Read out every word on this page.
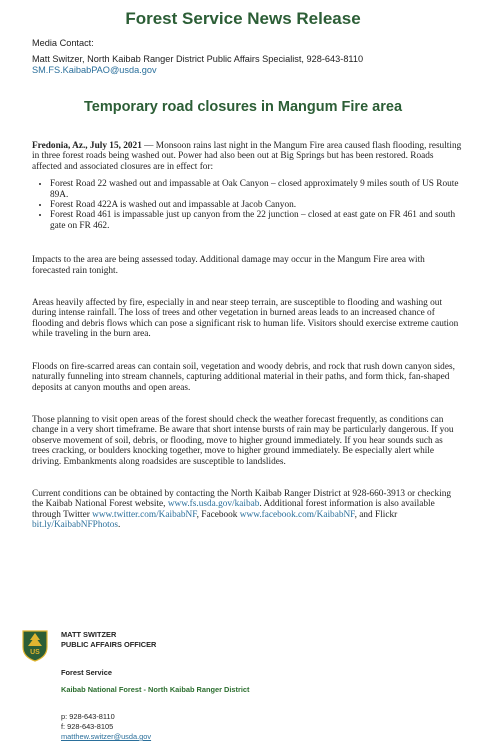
Forest Service News Release
Media Contact:
Matt Switzer, North Kaibab Ranger District Public Affairs Specialist, 928-643-8110
SM.FS.KaibabPAO@usda.gov
Temporary road closures in Mangum Fire area

Fredonia, Az., July 15, 2021 — Monsoon rains last night in the Mangum Fire area caused flash flooding, resulting in three forest roads being washed out. Power had also been out at Big Springs but has been restored. Roads affected and associated closures are in effect for:

• Forest Road 22 washed out and impassable at Oak Canyon – closed approximately 9 miles south of US Route 89A.
• Forest Road 422A is washed out and impassable at Jacob Canyon.
• Forest Road 461 is impassable just up canyon from the 22 junction – closed at east gate on FR 461 and south gate on FR 462.

Impacts to the area are being assessed today. Additional damage may occur in the Mangum Fire area with forecasted rain tonight.

Areas heavily affected by fire, especially in and near steep terrain, are susceptible to flooding and washing out during intense rainfall. The loss of trees and other vegetation in burned areas leads to an increased chance of flooding and debris flows which can pose a significant risk to human life. Visitors should exercise extreme caution while traveling in the burn area.

Floods on fire-scarred areas can contain soil, vegetation and woody debris, and rock that rush down canyon sides, naturally funneling into stream channels, capturing additional material in their paths, and form thick, fan-shaped deposits at canyon mouths and open areas.

Those planning to visit open areas of the forest should check the weather forecast frequently, as conditions can change in a very short timeframe. Be aware that short intense bursts of rain may be particularly dangerous. If you observe movement of soil, debris, or flooding, move to higher ground immediately. If you hear sounds such as trees cracking, or boulders knocking together, move to higher ground immediately. Be especially alert while driving. Embankments along roadsides are susceptible to landslides.

Current conditions can be obtained by contacting the North Kaibab Ranger District at 928-660-3913 or checking the Kaibab National Forest website, www.fs.usda.gov/kaibab. Additional forest information is also available through Twitter www.twitter.com/KaibabNF, Facebook www.facebook.com/KaibabNF, and Flickr bit.ly/KaibabNFPhotos.

US
MATT SWITZER
PUBLIC AFFAIRS OFFICER
Forest Service
Kaibab National Forest - North Kaibab Ranger District
p: 928-643-8110
f: 928-643-8105
matthew.switzer@usda.gov
